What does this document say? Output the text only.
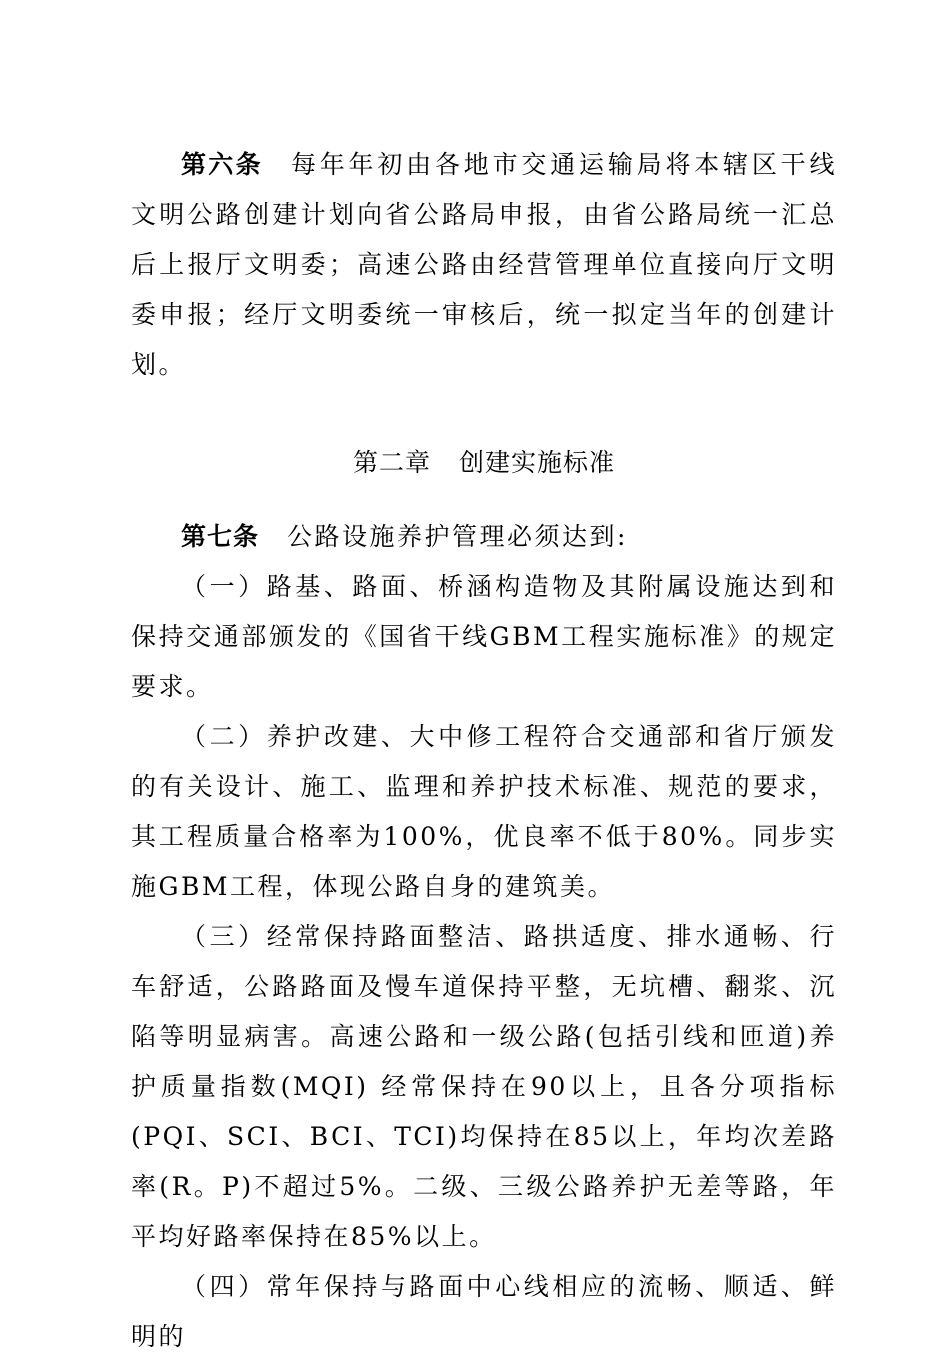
第六条 每年年初由各地市交通运输局将本辖区干线文明公路创建计划向省公路局申报，由省公路局统一汇总后上报厅文明委；高速公路由经营管理单位直接向厅文明委申报；经厅文明委统一审核后，统一拟定当年的创建计划。

第二章 创建实施标准

第七条 公路设施养护管理必须达到:

（一）路基、路面、桥涵构造物及其附属设施达到和保持交通部颁发的《国省干线GBM工程实施标准》的规定要求。

（二）养护改建、大中修工程符合交通部和省厅颁发的有关设计、施工、监理和养护技术标准、规范的要求，其工程质量合格率为100%，优良率不低于80%。同步实施GBM工程，体现公路自身的建筑美。

（三）经常保持路面整洁、路拱适度、排水通畅、行车舒适，公路路面及慢车道保持平整，无坑槽、翻浆、沉陷等明显病害。高速公路和一级公路(包括引线和匝道)养护质量指数(MQI) 经常保持在90以上，且各分项指标(PQI、SCI、BCI、TCI)均保持在85以上，年均次差路率(R。P)不超过5%。二级、三级公路养护无差等路，年平均好路率保持在85%以上。

（四）常年保持与路面中心线相应的流畅、顺适、鲜明的
